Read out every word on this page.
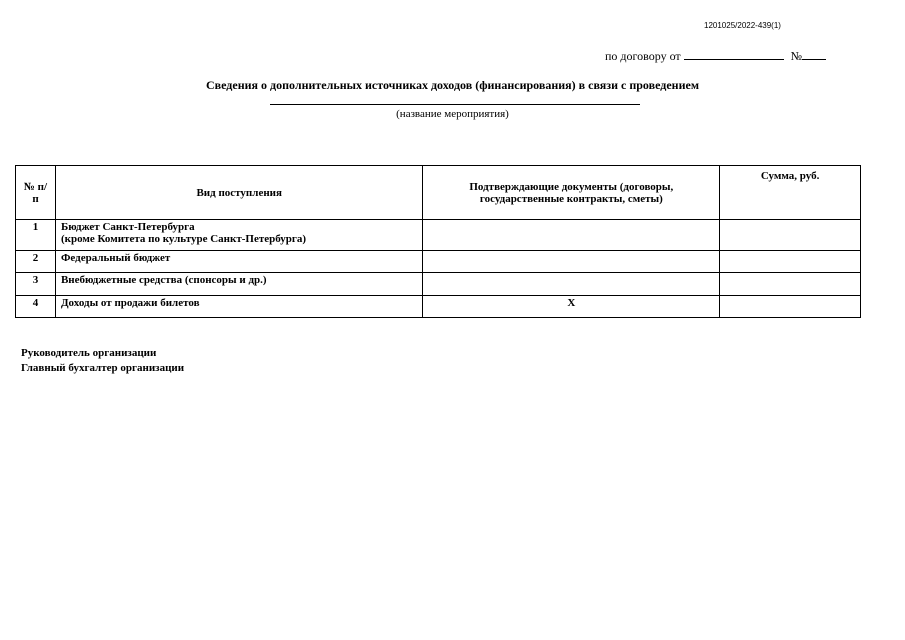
1201025/2022-439(1)
по договору от	№
Сведения о дополнительных источниках доходов (финансирования) в связи с проведением
(название мероприятия)
№ п/п	Вид поступления	Подтверждающие документы (договоры, государственные контракты, сметы)	Сумма, руб.
1	Бюджет Санкт-Петербурга
(кроме Комитета по культуре Санкт-Петербурга)		

2	Федеральный бюджет		
3	Внебюджетные средства (спонсоры и др.)		
4	Доходы от продажи билетов	Х	
Руководитель организации
Главный бухгалтер организации
